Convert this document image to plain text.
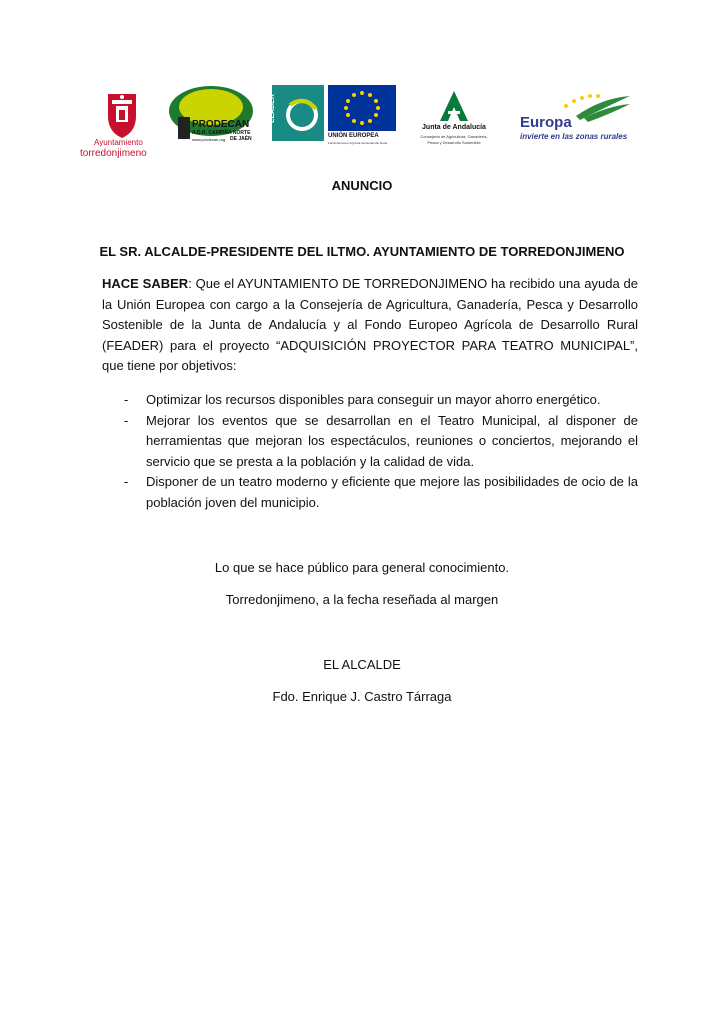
Ayuntamiento
torredonjimeno
PRODECAN
A.D.R. CAMPIÑA NORTE
www.prodecan.org DE JAÉN
LEADER
UNIÓN EUROPEA
Fondo Europeo Agrícola de Desarrollo Rural
Junta de Andalucía
Consejería de Agricultura, Ganadería,
Pesca y Desarrollo Sostenible
Europa
invierte en las zonas rurales
ANUNCIO
EL SR. ALCALDE-PRESIDENTE DEL ILTMO. AYUNTAMIENTO DE TORREDONJIMENO
HACE SABER: Que el AYUNTAMIENTO DE TORREDONJIMENO ha recibido una ayuda de la Unión Europea con cargo a la Consejería de Agricultura, Ganadería, Pesca y Desarrollo Sostenible de la Junta de Andalucía y al Fondo Europeo Agrícola de Desarrollo Rural (FEADER) para el proyecto “ADQUISICIÓN PROYECTOR PARA TEATRO MUNICIPAL”, que tiene por objetivos:
- Optimizar los recursos disponibles para conseguir un mayor ahorro energético.
- Mejorar los eventos que se desarrollan en el Teatro Municipal, al disponer de herramientas que mejoran los espectáculos, reuniones o conciertos, mejorando el servicio que se presta a la población y la calidad de vida.
- Disponer de un teatro moderno y eficiente que mejore las posibilidades de ocio de la población joven del municipio.
Lo que se hace público para general conocimiento.
Torredonjimeno, a la fecha reseñada al margen
EL ALCALDE
Fdo. Enrique J. Castro Tárraga
